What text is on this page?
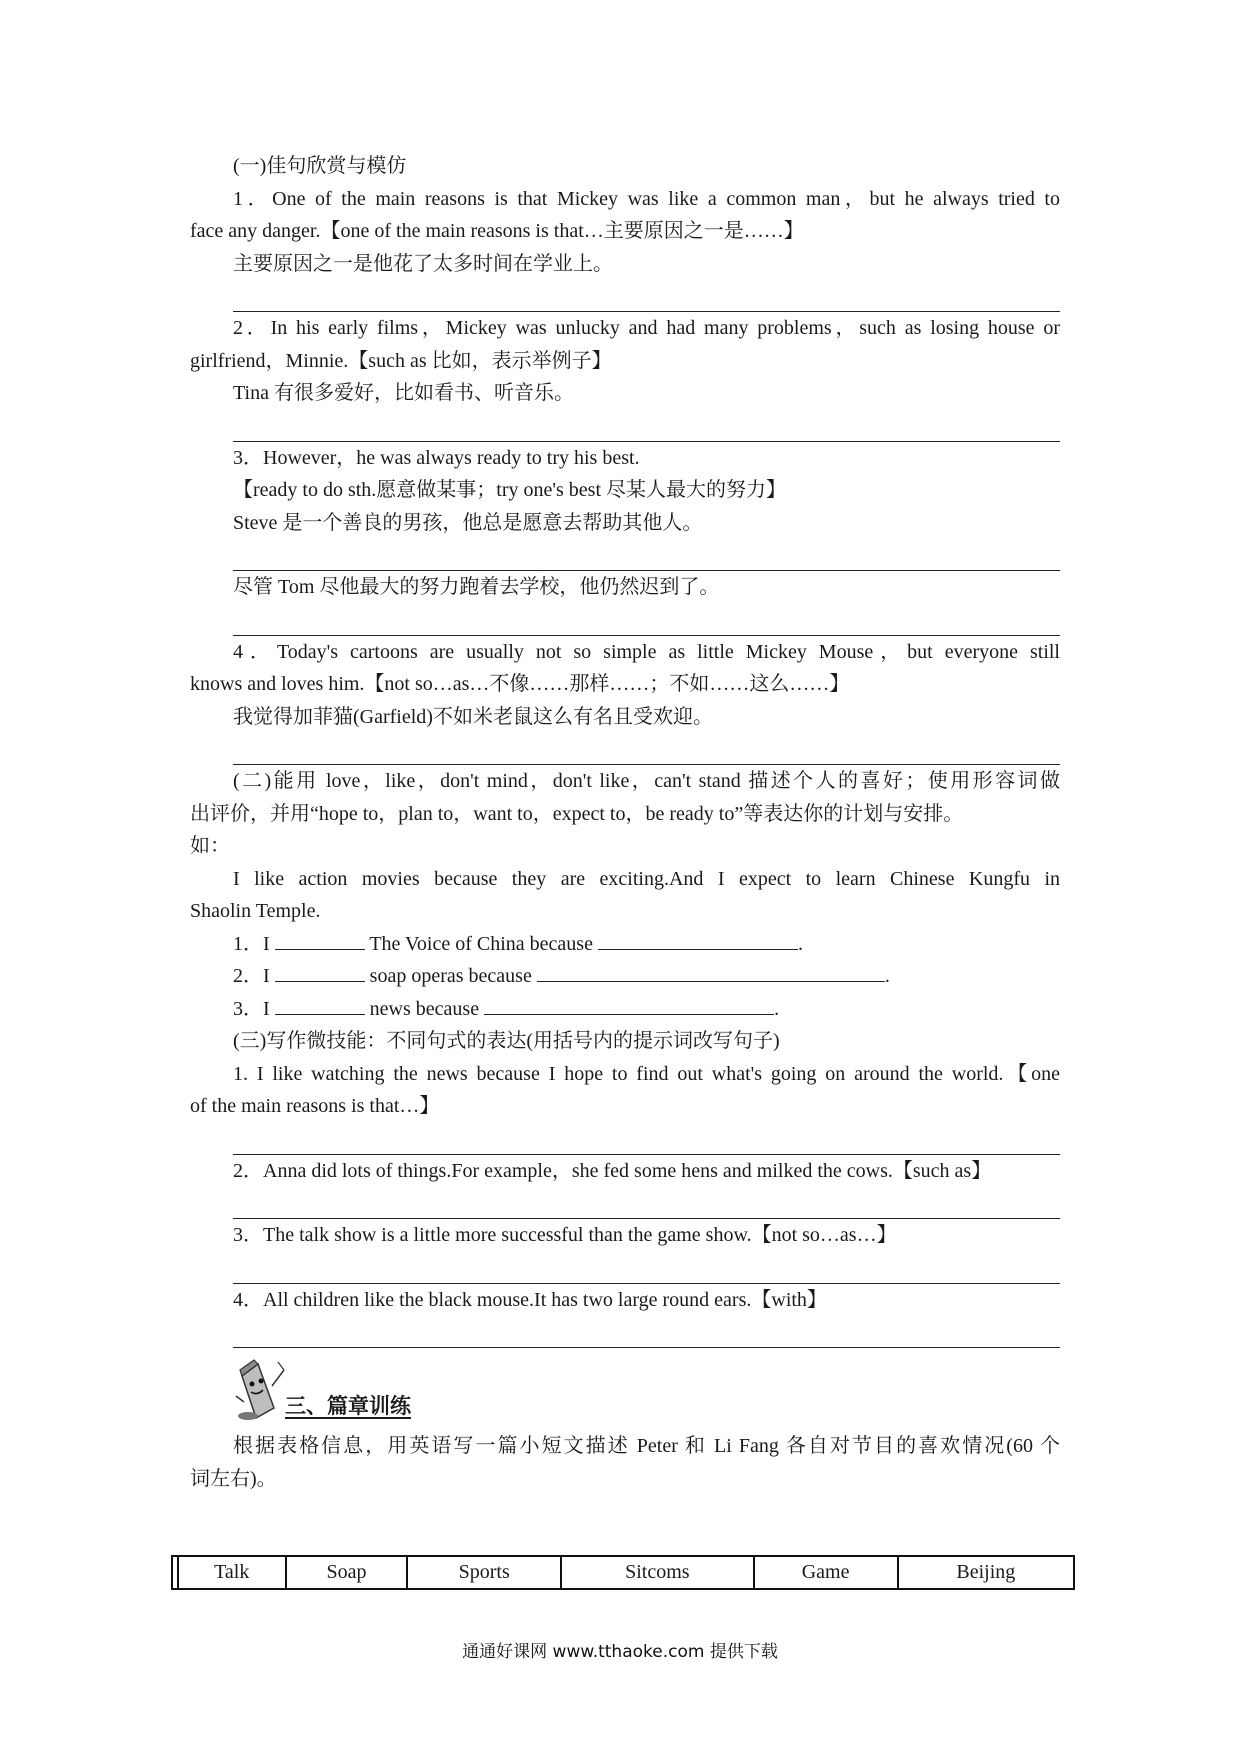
(一)佳句欣赏与模仿
1．One of the main reasons is that Mickey was like a common man，but he always tried to
face any danger.【one of the main reasons is that…主要原因之一是……】
主要原因之一是他花了太多时间在学业上。
2．In his early films，Mickey was unlucky and had many problems，such as losing house or
girlfriend，Minnie.【such as 比如，表示举例子】
Tina 有很多爱好，比如看书、听音乐。
3．However，he was always ready to try his best.
【ready to do sth.愿意做某事；try one's best 尽某人最大的努力】
Steve 是一个善良的男孩，他总是愿意去帮助其他人。
尽管 Tom 尽他最大的努力跑着去学校，他仍然迟到了。
4．Today's cartoons are usually not so simple as little Mickey Mouse，but everyone still
knows and loves him.【not so…as…不像……那样……；不如……这么……】
我觉得加菲猫(Garfield)不如米老鼠这么有名且受欢迎。
(二)能用 love，like，don't mind，don't like，can't stand 描述个人的喜好；使用形容词做
出评价，并用“hope to，plan to，want to，expect to，be ready to”等表达你的计划与安排。
如：
I like action movies because they are exciting.And I expect to learn Chinese Kungfu in
Shaolin Temple.
1．I	The Voice of China because	.
2．I	soap operas because	.
3．I	news because	.
(三)写作微技能：不同句式的表达(用括号内的提示词改写句子)
1. I like watching the news because I hope to find out what's going on around the world.【one
of the main reasons is that…】
2．Anna did lots of things.For example，she fed some hens and milked the cows.【such as】
3．The talk show is a little more successful than the game show.【not so…as…】
4．All children like the black mouse.It has two large round ears.【with】
三、篇章训练
根据表格信息，用英语写一篇小短文描述 Peter 和 Li Fang 各自对节目的喜欢情况(60 个
词左右)。
	Talk	Soap	Sports	Sitcoms	Game	Beijing
通通好课网 www.tthaoke.com 提供下载
